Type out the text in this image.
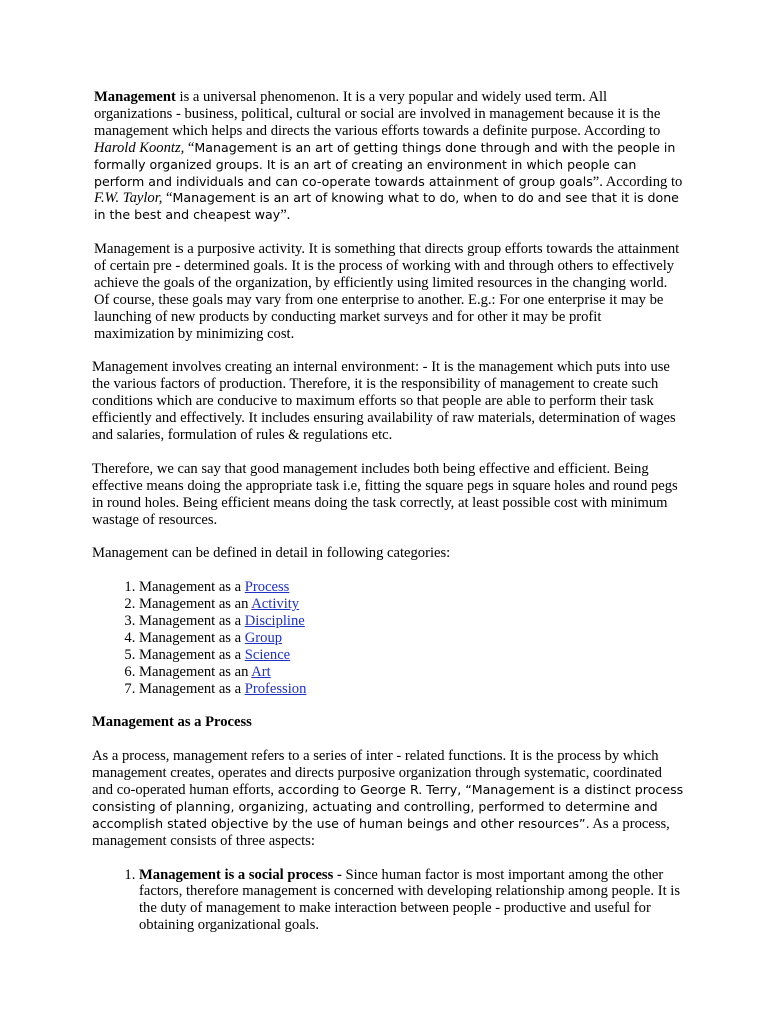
Management is a universal phenomenon. It is a very popular and widely used term. All organizations - business, political, cultural or social are involved in management because it is the management which helps and directs the various efforts towards a definite purpose. According to Harold Koontz, “Management is an art of getting things done through and with the people in formally organized groups. It is an art of creating an environment in which people can perform and individuals and can co-operate towards attainment of group goals”. According to F.W. Taylor, “Management is an art of knowing what to do, when to do and see that it is done in the best and cheapest way”.

Management is a purposive activity. It is something that directs group efforts towards the attainment of certain pre - determined goals. It is the process of working with and through others to effectively achieve the goals of the organization, by efficiently using limited resources in the changing world. Of course, these goals may vary from one enterprise to another. E.g.: For one enterprise it may be launching of new products by conducting market surveys and for other it may be profit maximization by minimizing cost.

Management involves creating an internal environment: - It is the management which puts into use the various factors of production. Therefore, it is the responsibility of management to create such conditions which are conducive to maximum efforts so that people are able to perform their task efficiently and effectively. It includes ensuring availability of raw materials, determination of wages and salaries, formulation of rules & regulations etc.

Therefore, we can say that good management includes both being effective and efficient. Being effective means doing the appropriate task i.e, fitting the square pegs in square holes and round pegs in round holes. Being efficient means doing the task correctly, at least possible cost with minimum wastage of resources.

Management can be defined in detail in following categories:

1. Management as a Process
2. Management as an Activity
3. Management as a Discipline
4. Management as a Group
5. Management as a Science
6. Management as an Art
7. Management as a Profession

Management as a Process

As a process, management refers to a series of inter - related functions. It is the process by which management creates, operates and directs purposive organization through systematic, coordinated and co-operated human efforts, according to George R. Terry, “Management is a distinct process consisting of planning, organizing, actuating and controlling, performed to determine and accomplish stated objective by the use of human beings and other resources”. As a process, management consists of three aspects:

1. Management is a social process - Since human factor is most important among the other factors, therefore management is concerned with developing relationship among people. It is the duty of management to make interaction between people - productive and useful for obtaining organizational goals.
